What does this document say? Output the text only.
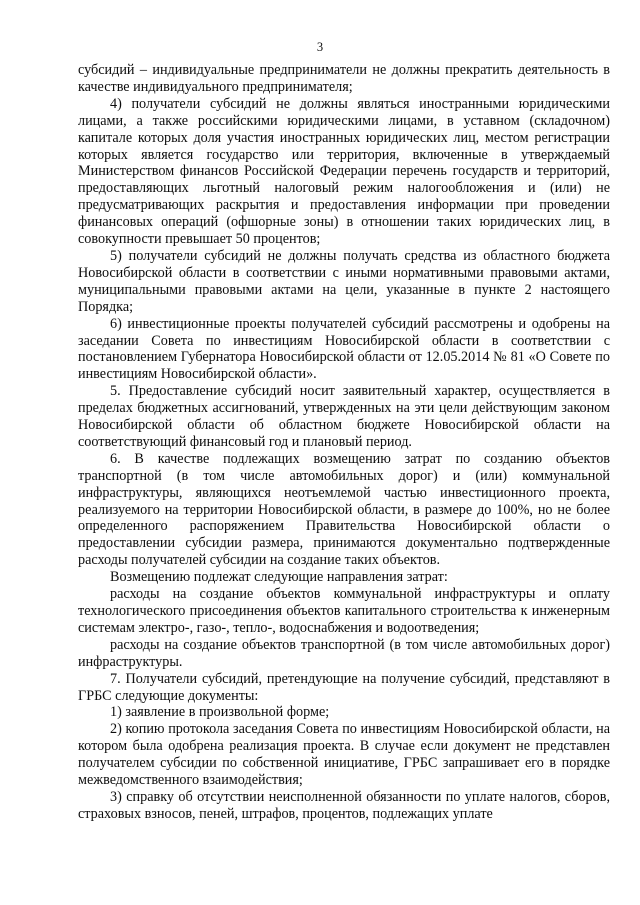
3

субсидий – индивидуальные предприниматели не должны прекратить деятельность в качестве индивидуального предпринимателя;

4) получатели субсидий не должны являться иностранными юридическими лицами, а также российскими юридическими лицами, в уставном (складочном) капитале которых доля участия иностранных юридических лиц, местом регистрации которых является государство или территория, включенные в утверждаемый Министерством финансов Российской Федерации перечень государств и территорий, предоставляющих льготный налоговый режим налогообложения и (или) не предусматривающих раскрытия и предоставления информации при проведении финансовых операций (офшорные зоны) в отношении таких юридических лиц, в совокупности превышает 50 процентов;

5) получатели субсидий не должны получать средства из областного бюджета Новосибирской области в соответствии с иными нормативными правовыми актами, муниципальными правовыми актами на цели, указанные в пункте 2 настоящего Порядка;

6) инвестиционные проекты получателей субсидий рассмотрены и одобрены на заседании Совета по инвестициям Новосибирской области в соответствии с постановлением Губернатора Новосибирской области от 12.05.2014 № 81 «О Совете по инвестициям Новосибирской области».

5. Предоставление субсидий носит заявительный характер, осуществляется в пределах бюджетных ассигнований, утвержденных на эти цели действующим законом Новосибирской области об областном бюджете Новосибирской области на соответствующий финансовый год и плановый период.

6. В качестве подлежащих возмещению затрат по созданию объектов транспортной (в том числе автомобильных дорог) и (или) коммунальной инфраструктуры, являющихся неотъемлемой частью инвестиционного проекта, реализуемого на территории Новосибирской области, в размере до 100%, но не более определенного распоряжением Правительства Новосибирской области о предоставлении субсидии размера, принимаются документально подтвержденные расходы получателей субсидии на создание таких объектов.

Возмещению подлежат следующие направления затрат:

расходы на создание объектов коммунальной инфраструктуры и оплату технологического присоединения объектов капитального строительства к инженерным системам электро-, газо-, тепло-, водоснабжения и водоотведения;

расходы на создание объектов транспортной (в том числе автомобильных дорог) инфраструктуры.

7. Получатели субсидий, претендующие на получение субсидий, представляют в ГРБС следующие документы:

1) заявление в произвольной форме;

2) копию протокола заседания Совета по инвестициям Новосибирской области, на котором была одобрена реализация проекта. В случае если документ не представлен получателем субсидии по собственной инициативе, ГРБС запрашивает его в порядке межведомственного взаимодействия;

3) справку об отсутствии неисполненной обязанности по уплате налогов, сборов, страховых взносов, пеней, штрафов, процентов, подлежащих уплате
